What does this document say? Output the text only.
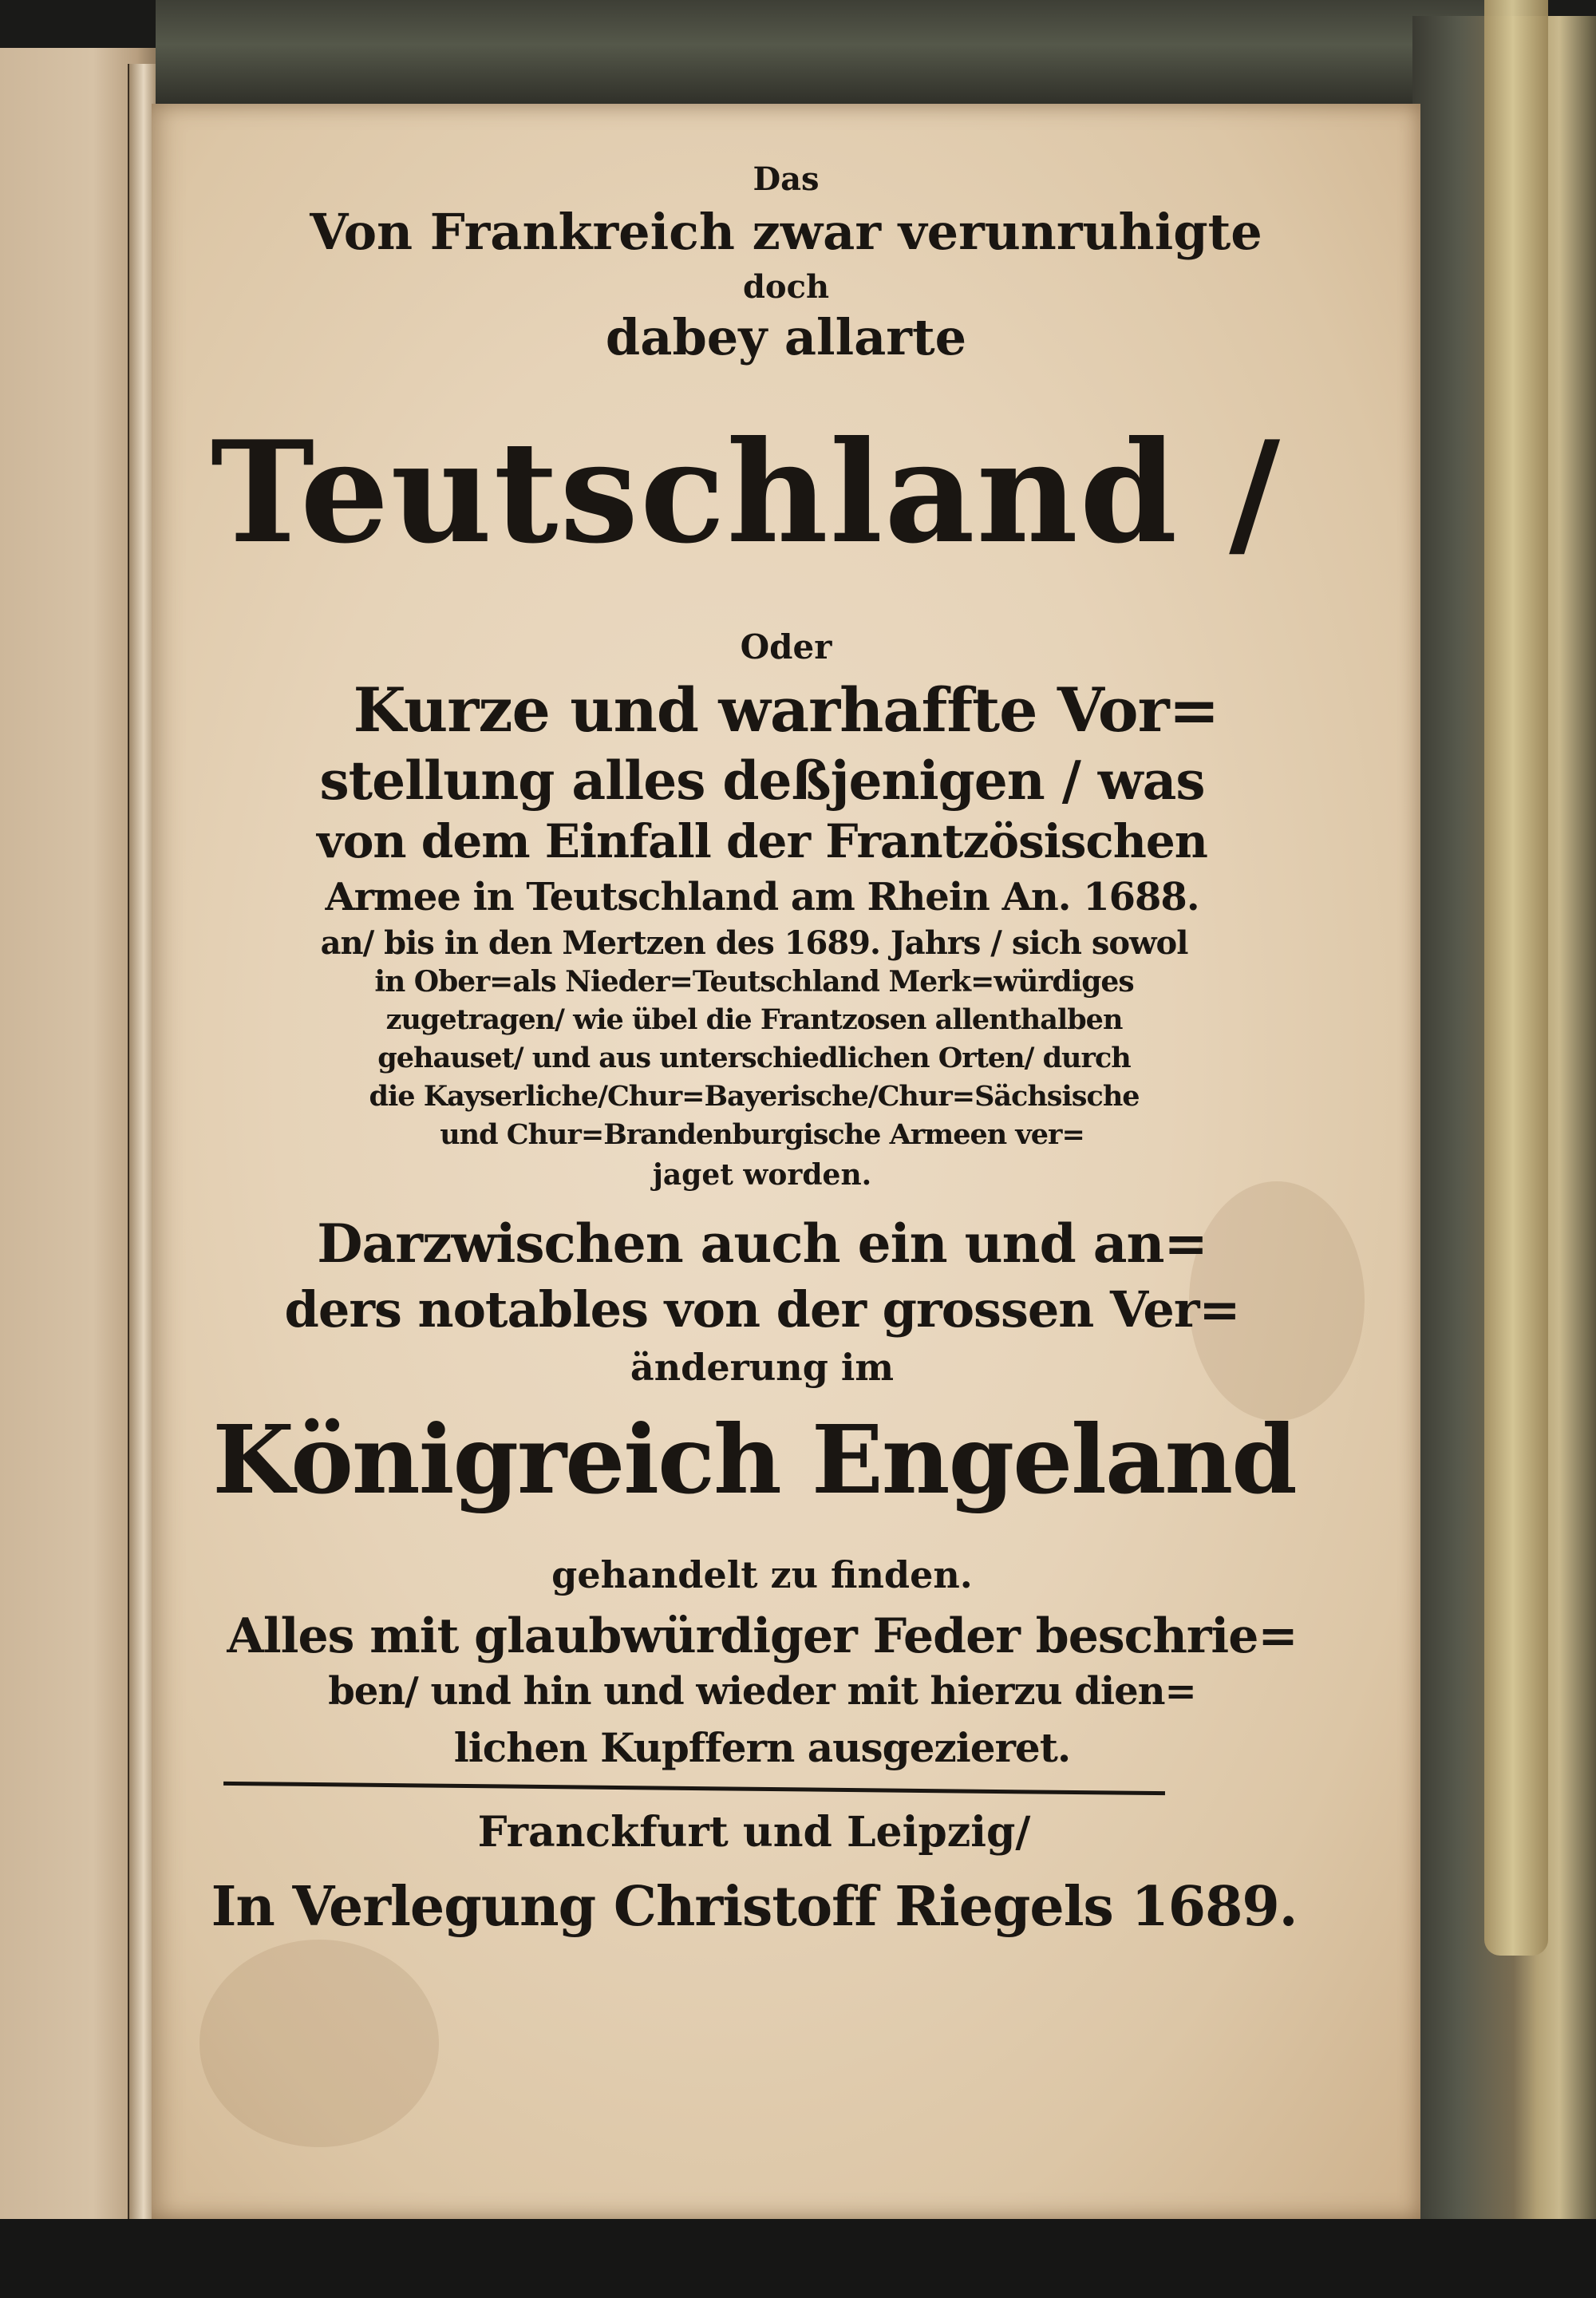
Das
Von Frankreich zwar verunruhigte
doch
dabey allarte
Teutschland /
Oder
Kurze und warhaffte Vor=
stellung alles deßjenigen / was
von dem Einfall der Frantzösischen
Armee in Teutschland am Rhein An. 1688.
an/ bis in den Mertzen des 1689. Jahrs / sich sowol
in Ober=als Nieder=Teutschland Merk=würdiges
zugetragen/ wie übel die Frantzosen allenthalben
gehauset/ und aus unterschiedlichen Orten/ durch
die Kayserliche/Chur=Bayerische/Chur=Sächsische
und Chur=Brandenburgische Armeen ver=
jaget worden.
Darzwischen auch ein und an=
ders notables von der grossen Ver=
änderung im
Königreich Engeland
gehandelt zu finden.
Alles mit glaubwürdiger Feder beschrie=
ben/ und hin und wieder mit hierzu dien=
lichen Kupffern ausgezieret.
Franckfurt und Leipzig/
In Verlegung Christoff Riegels 1689.
